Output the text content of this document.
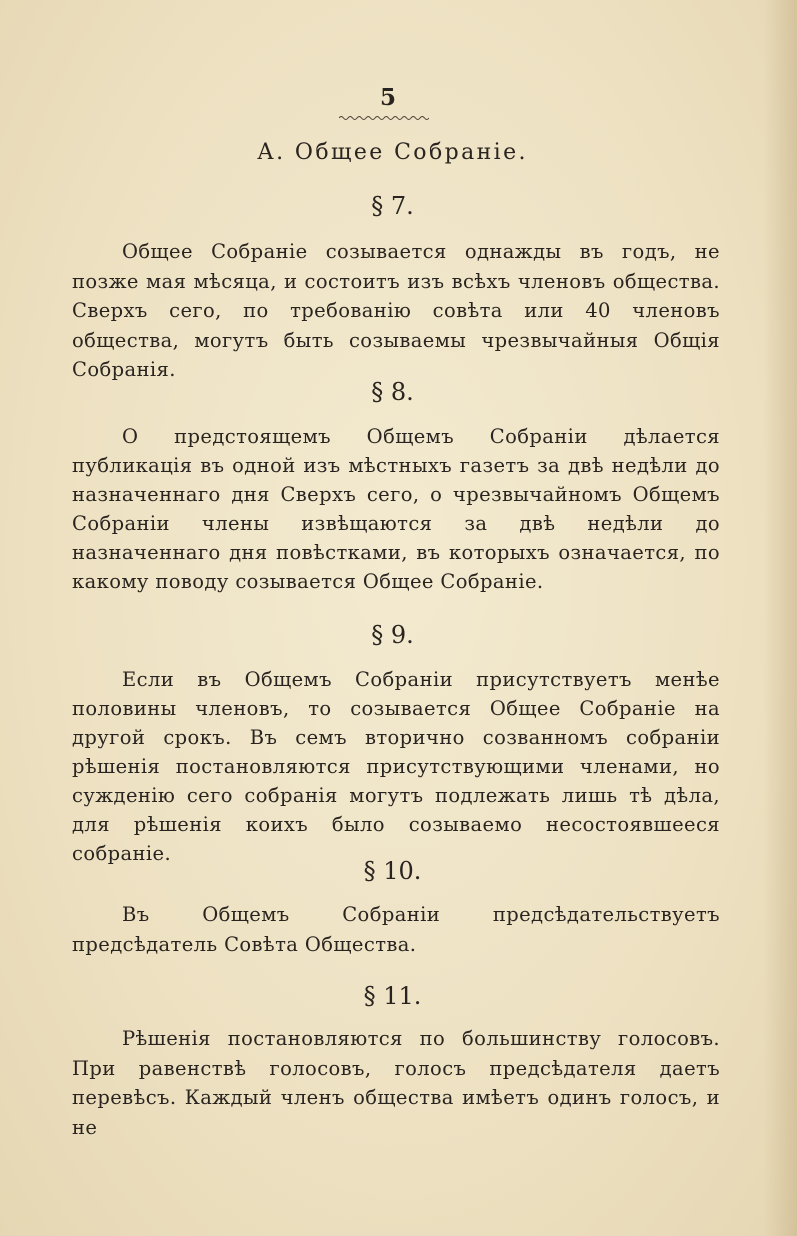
5
А. Общее Собраніе.
§ 7.
Общее Собраніе созывается однажды въ годъ, не позже мая мѣсяца, и состоитъ изъ всѣхъ членовъ общества. Сверхъ сего, по требованію совѣта или 40 членовъ общества, могутъ быть созываемы чрезвычайныя Общія Собранія.
§ 8.
О предстоящемъ Общемъ Собраніи дѣлается публикація въ одной изъ мѣстныхъ газетъ за двѣ недѣли до назначеннаго дня Сверхъ сего, о чрезвычайномъ Общемъ Собраніи члены извѣщаются за двѣ недѣли до назначеннаго дня повѣстками, въ которыхъ означается, по какому поводу созывается Общее Собраніе.
§ 9.
Если въ Общемъ Собраніи присутствуетъ менѣе половины членовъ, то созывается Общее Собраніе на другой срокъ. Въ семъ вторично созванномъ собраніи рѣшенія постановляются присутствующими членами, но сужденію сего собранія могутъ подлежать лишь тѣ дѣла, для рѣшенія коихъ было созываемо несостоявшееся собраніе.
§ 10.
Въ Общемъ Собраніи предсѣдательствуетъ предсѣдатель Совѣта Общества.
§ 11.
Рѣшенія постановляются по большинству голосовъ. При равенствѣ голосовъ, голосъ предсѣдателя даетъ перевѣсъ. Каждый членъ общества имѣетъ одинъ голосъ, и не
